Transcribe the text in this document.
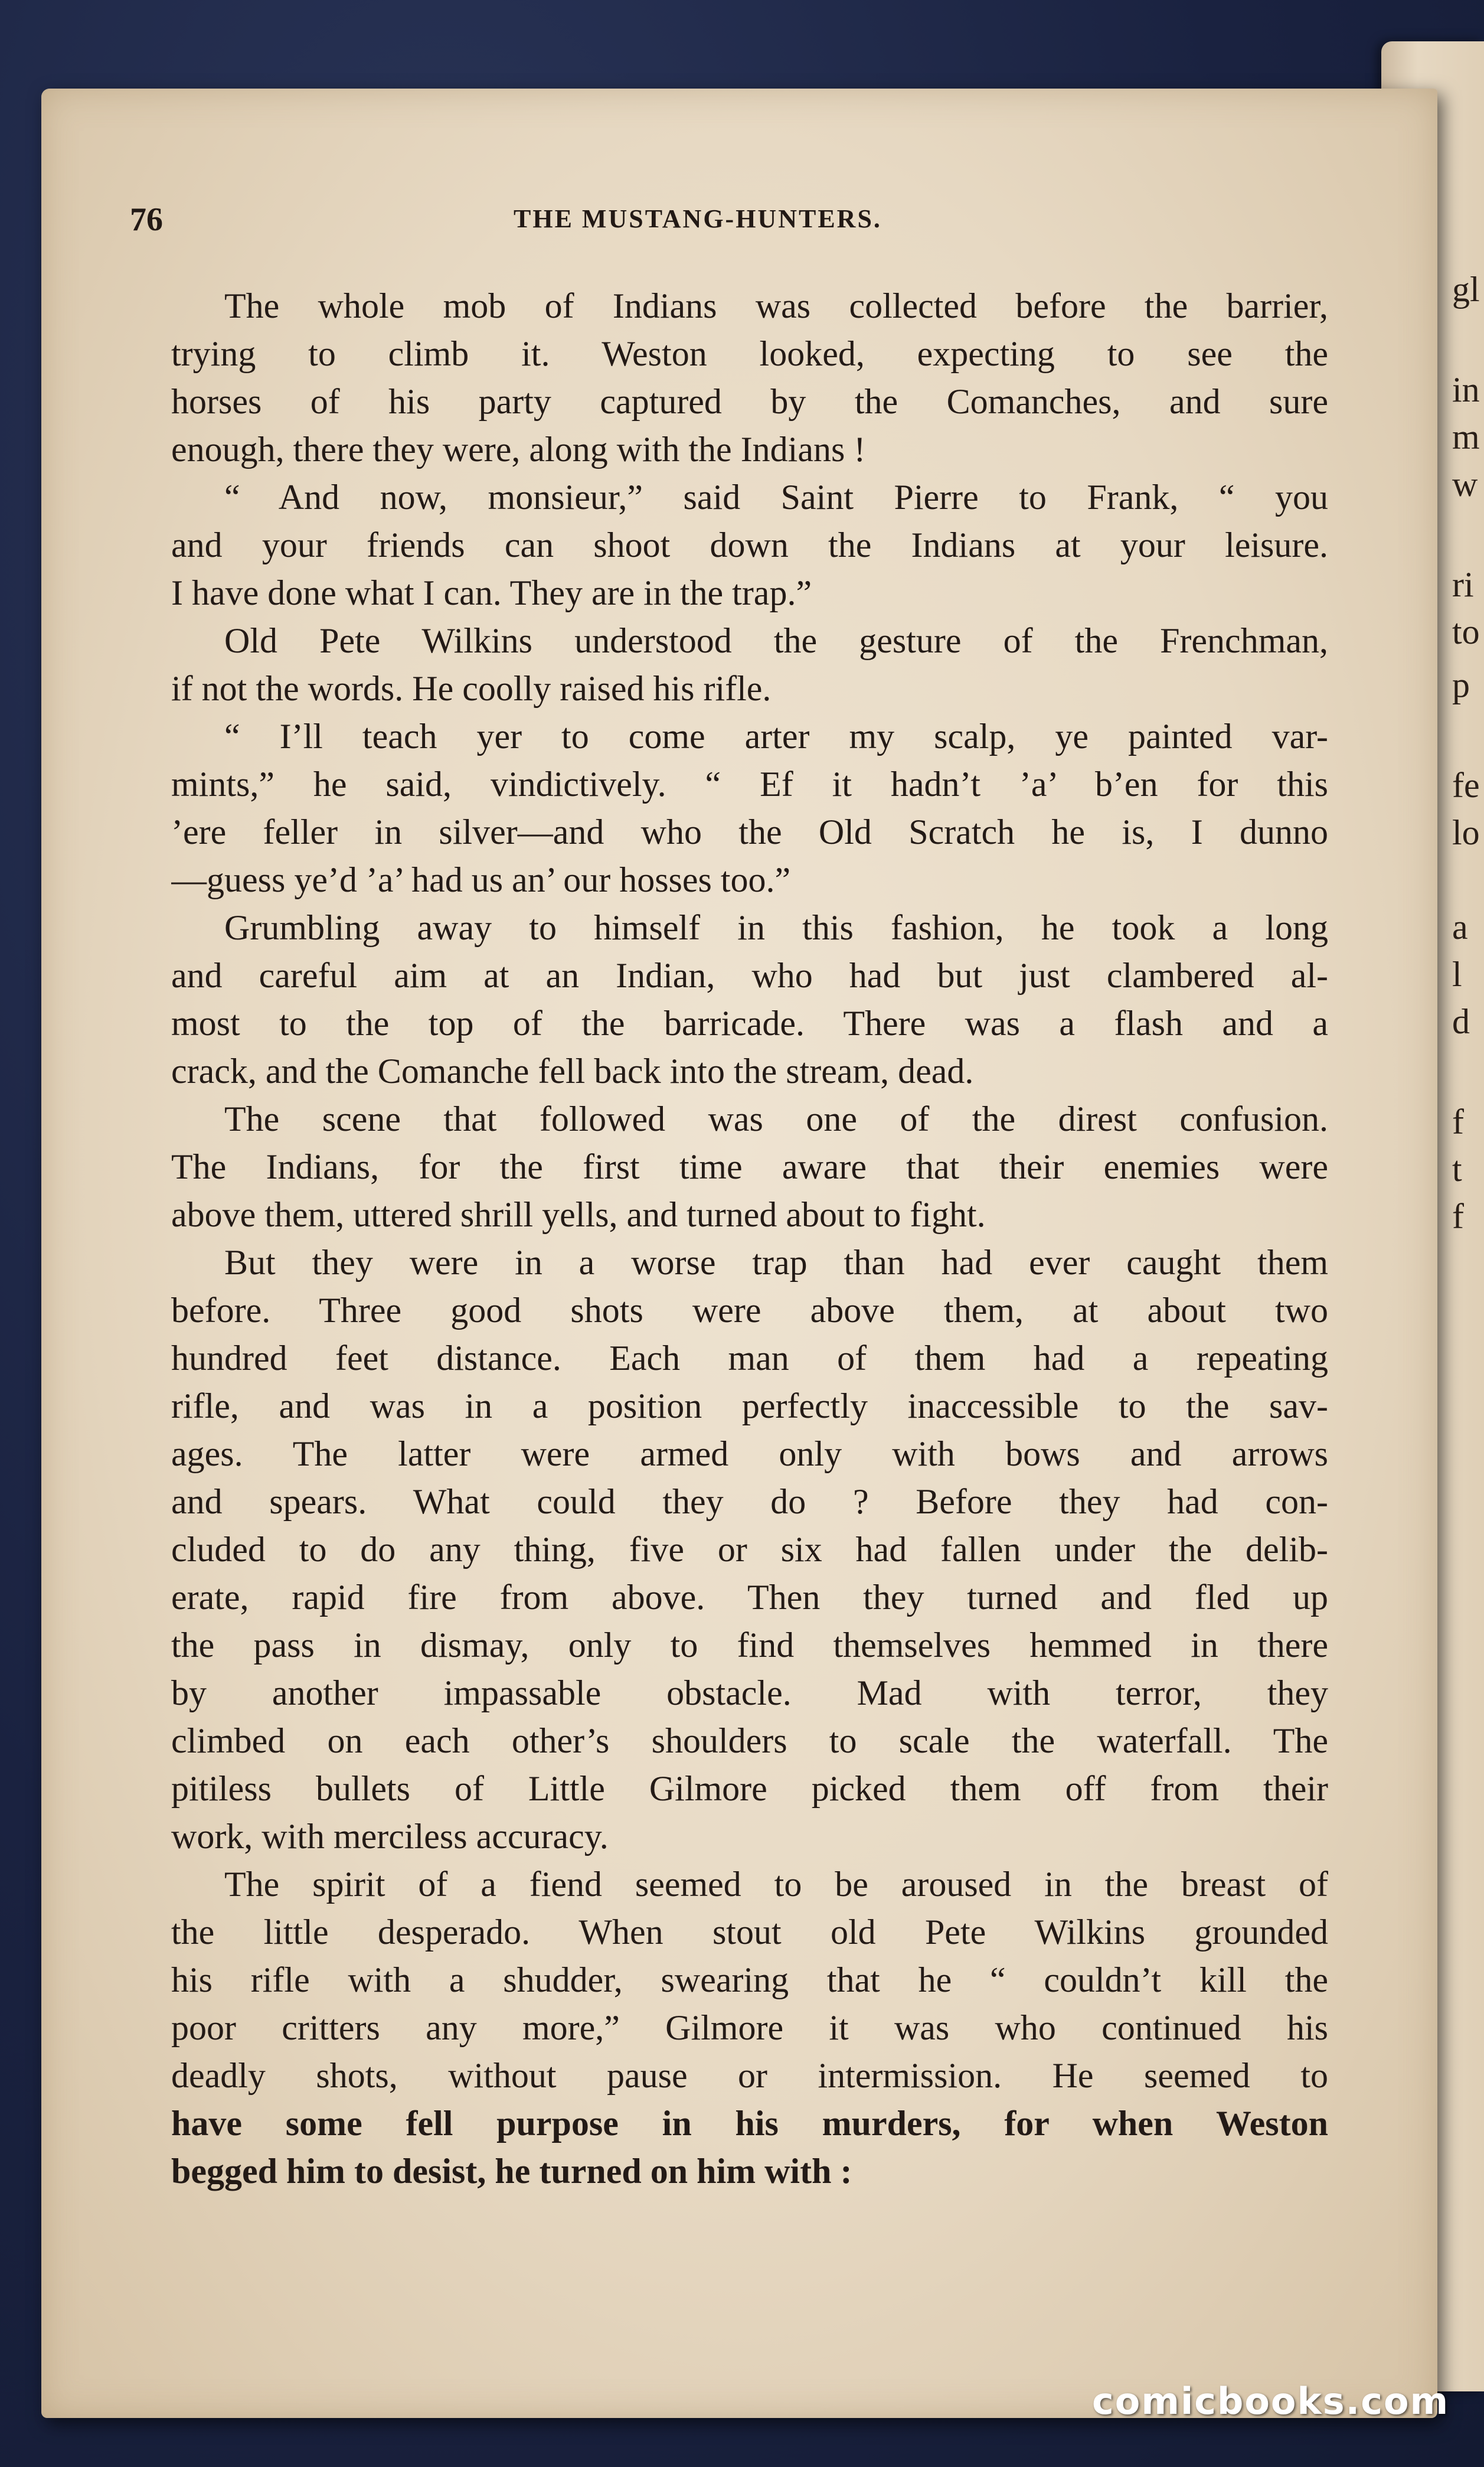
gl
in
m
w
ri
to
p
fe
lo
a
l
d
f
t
f
76	THE MUSTANG-HUNTERS.
The whole mob of Indians was collected before the barrier,
trying to climb it. Weston looked, expecting to see the
horses of his party captured by the Comanches, and sure
enough, there they were, along with the Indians !
“ And now, monsieur,” said Saint Pierre to Frank, “ you
and your friends can shoot down the Indians at your leisure.
I have done what I can. They are in the trap.”
Old Pete Wilkins understood the gesture of the Frenchman,
if not the words. He coolly raised his rifle.
“ I’ll teach yer to come arter my scalp, ye painted var-
mints,” he said, vindictively. “ Ef it hadn’t ’a’ b’en for this
’ere feller in silver—and who the Old Scratch he is, I dunno
—guess ye’d ’a’ had us an’ our hosses too.”
Grumbling away to himself in this fashion, he took a long
and careful aim at an Indian, who had but just clambered al-
most to the top of the barricade. There was a flash and a
crack, and the Comanche fell back into the stream, dead.
The scene that followed was one of the direst confusion.
The Indians, for the first time aware that their enemies were
above them, uttered shrill yells, and turned about to fight.
But they were in a worse trap than had ever caught them
before. Three good shots were above them, at about two
hundred feet distance. Each man of them had a repeating
rifle, and was in a position perfectly inaccessible to the sav-
ages. The latter were armed only with bows and arrows
and spears. What could they do ? Before they had con-
cluded to do any thing, five or six had fallen under the delib-
erate, rapid fire from above. Then they turned and fled up
the pass in dismay, only to find themselves hemmed in there
by another impassable obstacle. Mad with terror, they
climbed on each other’s shoulders to scale the waterfall. The
pitiless bullets of Little Gilmore picked them off from their
work, with merciless accuracy.
The spirit of a fiend seemed to be aroused in the breast of
the little desperado. When stout old Pete Wilkins grounded
his rifle with a shudder, swearing that he “ couldn’t kill the
poor critters any more,” Gilmore it was who continued his
deadly shots, without pause or intermission. He seemed to
have some fell purpose in his murders, for when Weston
begged him to desist, he turned on him with :
comicbooks.com
